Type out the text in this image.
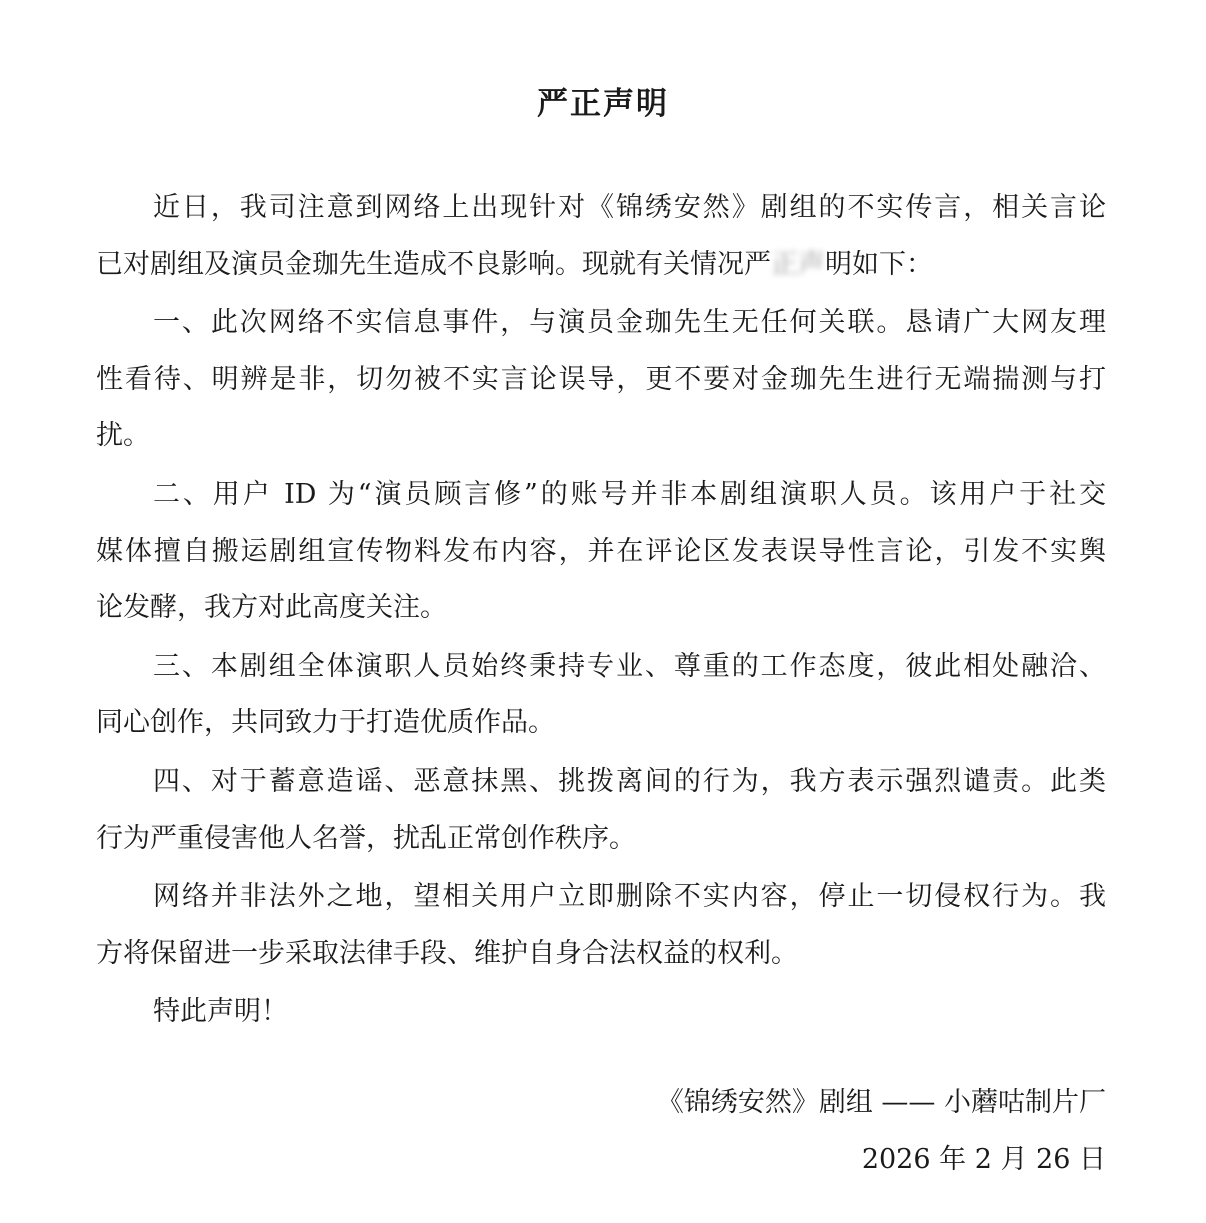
严正声明
近日，我司注意到网络上出现针对《锦绣安然》剧组的不实传言，相关言论
已对剧组及演员金珈先生造成不良影响。现就有关情况严正声明如下：
一、此次网络不实信息事件，与演员金珈先生无任何关联。恳请广大网友理
性看待、明辨是非，切勿被不实言论误导，更不要对金珈先生进行无端揣测与打
扰。
二、用户 ID 为“演员顾言修”的账号并非本剧组演职人员。该用户于社交
媒体擅自搬运剧组宣传物料发布内容，并在评论区发表误导性言论，引发不实舆
论发酵，我方对此高度关注。
三、本剧组全体演职人员始终秉持专业、尊重的工作态度，彼此相处融洽、
同心创作，共同致力于打造优质作品。
四、对于蓄意造谣、恶意抹黑、挑拨离间的行为，我方表示强烈谴责。此类
行为严重侵害他人名誉，扰乱正常创作秩序。
网络并非法外之地，望相关用户立即删除不实内容，停止一切侵权行为。我
方将保留进一步采取法律手段、维护自身合法权益的权利。
特此声明！
《锦绣安然》剧组 —— 小蘑咕制片厂
2026 年 2 月 26 日
